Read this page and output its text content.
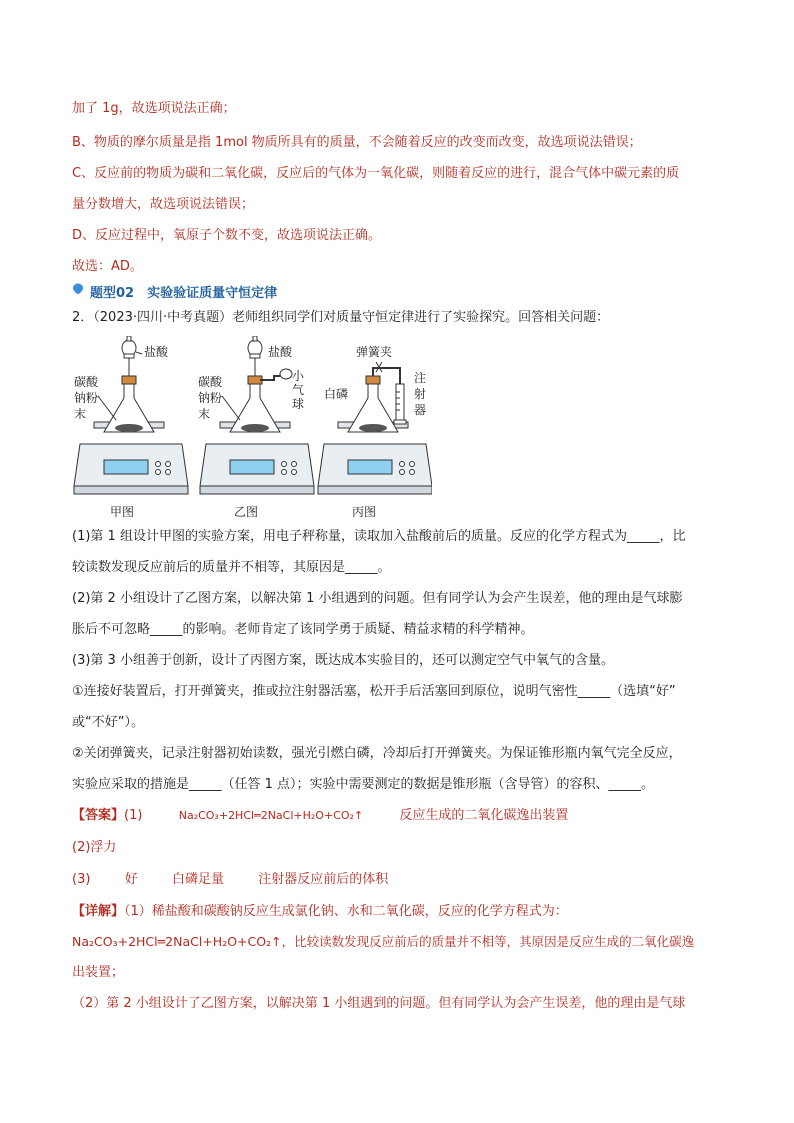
加了 1g，故选项说法正确；
B、物质的摩尔质量是指 1mol 物质所具有的质量，不会随着反应的改变而改变，故选项说法错误；
C、反应前的物质为碳和二氧化碳，反应后的气体为一氧化碳，则随着反应的进行，混合气体中碳元素的质
量分数增大，故选项说法错误；
D、反应过程中，氧原子个数不变，故选项说法正确。
故选：AD。
题型02　实验验证质量守恒定律
2．（2023·四川·中考真题）老师组织同学们对质量守恒定律进行了实验探究。回答相关问题：
盐酸
碳酸
钠粉
末
甲图
盐酸
碳酸
钠粉
末
小
气
球
乙图
弹簧夹
白磷
注
射
器
丙图
(1)第 1 组设计甲图的实验方案，用电子秤称量，读取加入盐酸前后的质量。反应的化学方程式为_____，比
较读数发现反应前后的质量并不相等，其原因是_____。
(2)第 2 小组设计了乙图方案，以解决第 1 小组遇到的问题。但有同学认为会产生误差，他的理由是气球膨
胀后不可忽略_____的影响。老师肯定了该同学勇于质疑、精益求精的科学精神。
(3)第 3 小组善于创新，设计了丙图方案，既达成本实验目的，还可以测定空气中氧气的含量。
①连接好装置后，打开弹簧夹，推或拉注射器活塞，松开手后活塞回到原位，说明气密性_____（选填“好”
或“不好”）。
②关闭弹簧夹，记录注射器初始读数，强光引燃白磷，冷却后打开弹簧夹。为保证锥形瓶内氧气完全反应，
实验应采取的措施是_____（任答 1 点）；实验中需要测定的数据是锥形瓶（含导管）的容积、_____。
【答案】(1)	Na₂CO₃+2HCl═2NaCl+H₂O+CO₂↑	反应生成的二氧化碳逸出装置
(2)浮力
(3)	好	白磷足量	注射器反应前后的体积
【详解】（1）稀盐酸和碳酸钠反应生成氯化钠、水和二氧化碳，反应的化学方程式为：
Na₂CO₃+2HCl═2NaCl+H₂O+CO₂↑，比较读数发现反应前后的质量并不相等，其原因是反应生成的二氧化碳逸
出装置；
（2）第 2 小组设计了乙图方案，以解决第 1 小组遇到的问题。但有同学认为会产生误差，他的理由是气球
